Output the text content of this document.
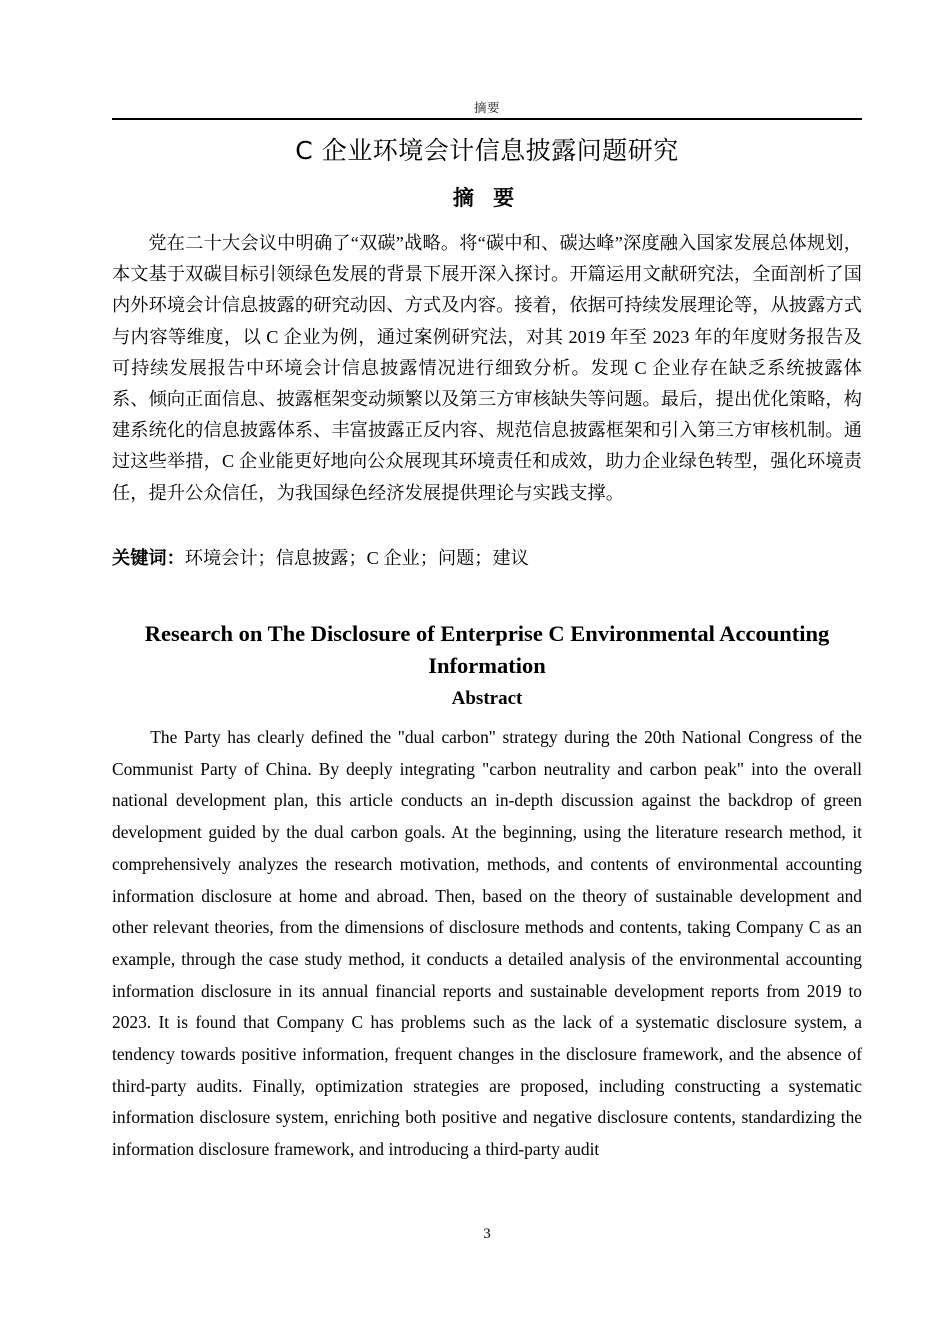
摘要
C 企业环境会计信息披露问题研究
摘 要

党在二十大会议中明确了“双碳”战略。将“碳中和、碳达峰”深度融入国家发展总体规划，本文基于双碳目标引领绿色发展的背景下展开深入探讨。开篇运用文献研究法，全面剖析了国内外环境会计信息披露的研究动因、方式及内容。接着，依据可持续发展理论等，从披露方式与内容等维度，以 C 企业为例，通过案例研究法，对其 2019 年至 2023 年的年度财务报告及可持续发展报告中环境会计信息披露情况进行细致分析。发现 C 企业存在缺乏系统披露体系、倾向正面信息、披露框架变动频繁以及第三方审核缺失等问题。最后，提出优化策略，构建系统化的信息披露体系、丰富披露正反内容、规范信息披露框架和引入第三方审核机制。通过这些举措，C 企业能更好地向公众展现其环境责任和成效，助力企业绿色转型，强化环境责任，提升公众信任，为我国绿色经济发展提供理论与实践支撑。

关键词：环境会计；信息披露；C 企业；问题；建议

Research on The Disclosure of Enterprise C Environmental Accounting Information
Abstract

The Party has clearly defined the "dual carbon" strategy during the 20th National Congress of the Communist Party of China. By deeply integrating "carbon neutrality and carbon peak" into the overall national development plan, this article conducts an in-depth discussion against the backdrop of green development guided by the dual carbon goals. At the beginning, using the literature research method, it comprehensively analyzes the research motivation, methods, and contents of environmental accounting information disclosure at home and abroad. Then, based on the theory of sustainable development and other relevant theories, from the dimensions of disclosure methods and contents, taking Company C as an example, through the case study method, it conducts a detailed analysis of the environmental accounting information disclosure in its annual financial reports and sustainable development reports from 2019 to 2023. It is found that Company C has problems such as the lack of a systematic disclosure system, a tendency towards positive information, frequent changes in the disclosure framework, and the absence of third-party audits. Finally, optimization strategies are proposed, including constructing a systematic information disclosure system, enriching both positive and negative disclosure contents, standardizing the information disclosure framework, and introducing a third-party audit

3
